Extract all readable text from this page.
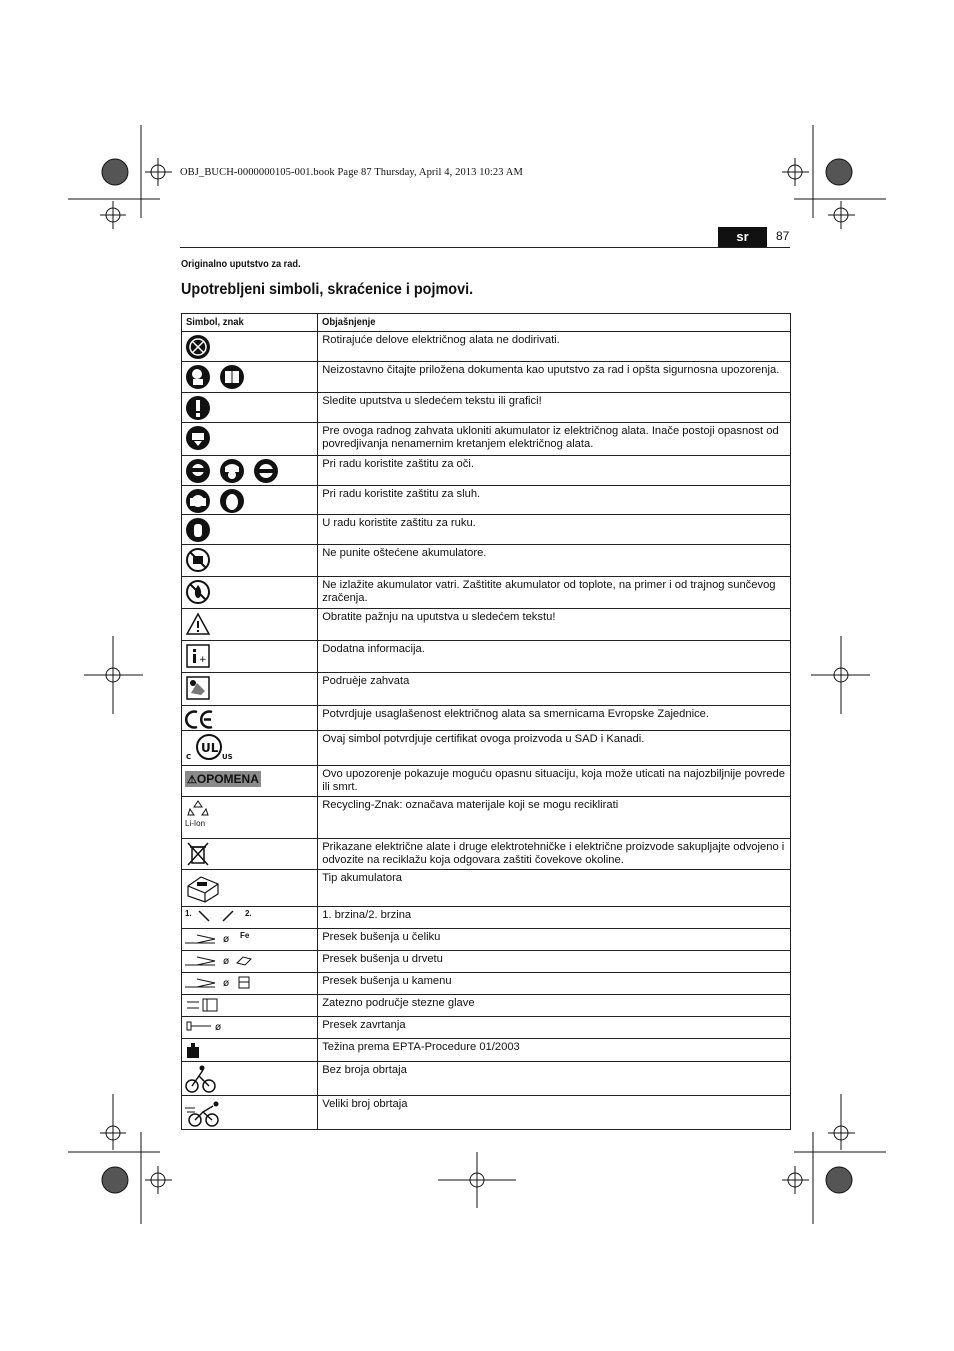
OBJ_BUCH-0000000105-001.book Page 87 Thursday, April 4, 2013 10:23 AM
sr	87
Originalno uputstvo za rad.
Upotrebljeni simboli, skraćenice i pojmovi.
Simbol, znak	Objašnjenje
	Rotirajuće delove električnog alata ne dodirivati.
	Neizostavno čitajte priložena dokumenta kao uputstvo za rad i opšta sigurnosna upozorenja.
	Sledite uputstva u sledećem tekstu ili grafici!
	Pre ovoga radnog zahvata ukloniti akumulator iz električnog alata. Inače postoji opasnost od povredjivanja nenamernim kretanjem električnog alata.
	Pri radu koristite zaštitu za oči.
	Pri radu koristite zaštitu za sluh.
	U radu koristite zaštitu za ruku.
	Ne punite oštećene akumulatore.
	Ne izlažite akumulator vatri. Zaštitite akumulator od toplote, na primer i od trajnog sunčevog zračenja.
	Obratite pažnju na uputstva u sledećem tekstu!

+	Dodatna informacija.
	Podruèje zahvata
	Potvrdjuje usaglašenost električnog alata sa smernicama Evropske Zajednice.

UL
C US	Ovaj simbol potvrdjuje certifikat ovoga proizvoda u SAD i Kanadi.
⚠OPOMENA	Ovo upozorenje pokazuje moguću opasnu situaciju, koja može uticati na najozbiljnije povrede ili smrt.

$^{Li-Ion}$	Recycling-Znak: označava materijale koji se mogu reciklirati
	Prikazane električne alate i druge elektrotehničke i električne proizvode sakupljajte odvojeno i odvozite na reciklažu koja odgovara zaštiti čovekove okoline.
	Tip akumulatora
$^{1.}$ $^{2.}$	1. brzina/2. brzina

ø $^{Fe}$	Presek bušenja u čeliku

ø	Presek bušenja u drvetu

ø	Presek bušenja u kamenu
	Zatezno područje stezne glave

ø	Presek zavrtanja
	Težina prema EPTA-Procedure 01/2003
	Bez broja obrtaja
	Veliki broj obrtaja
